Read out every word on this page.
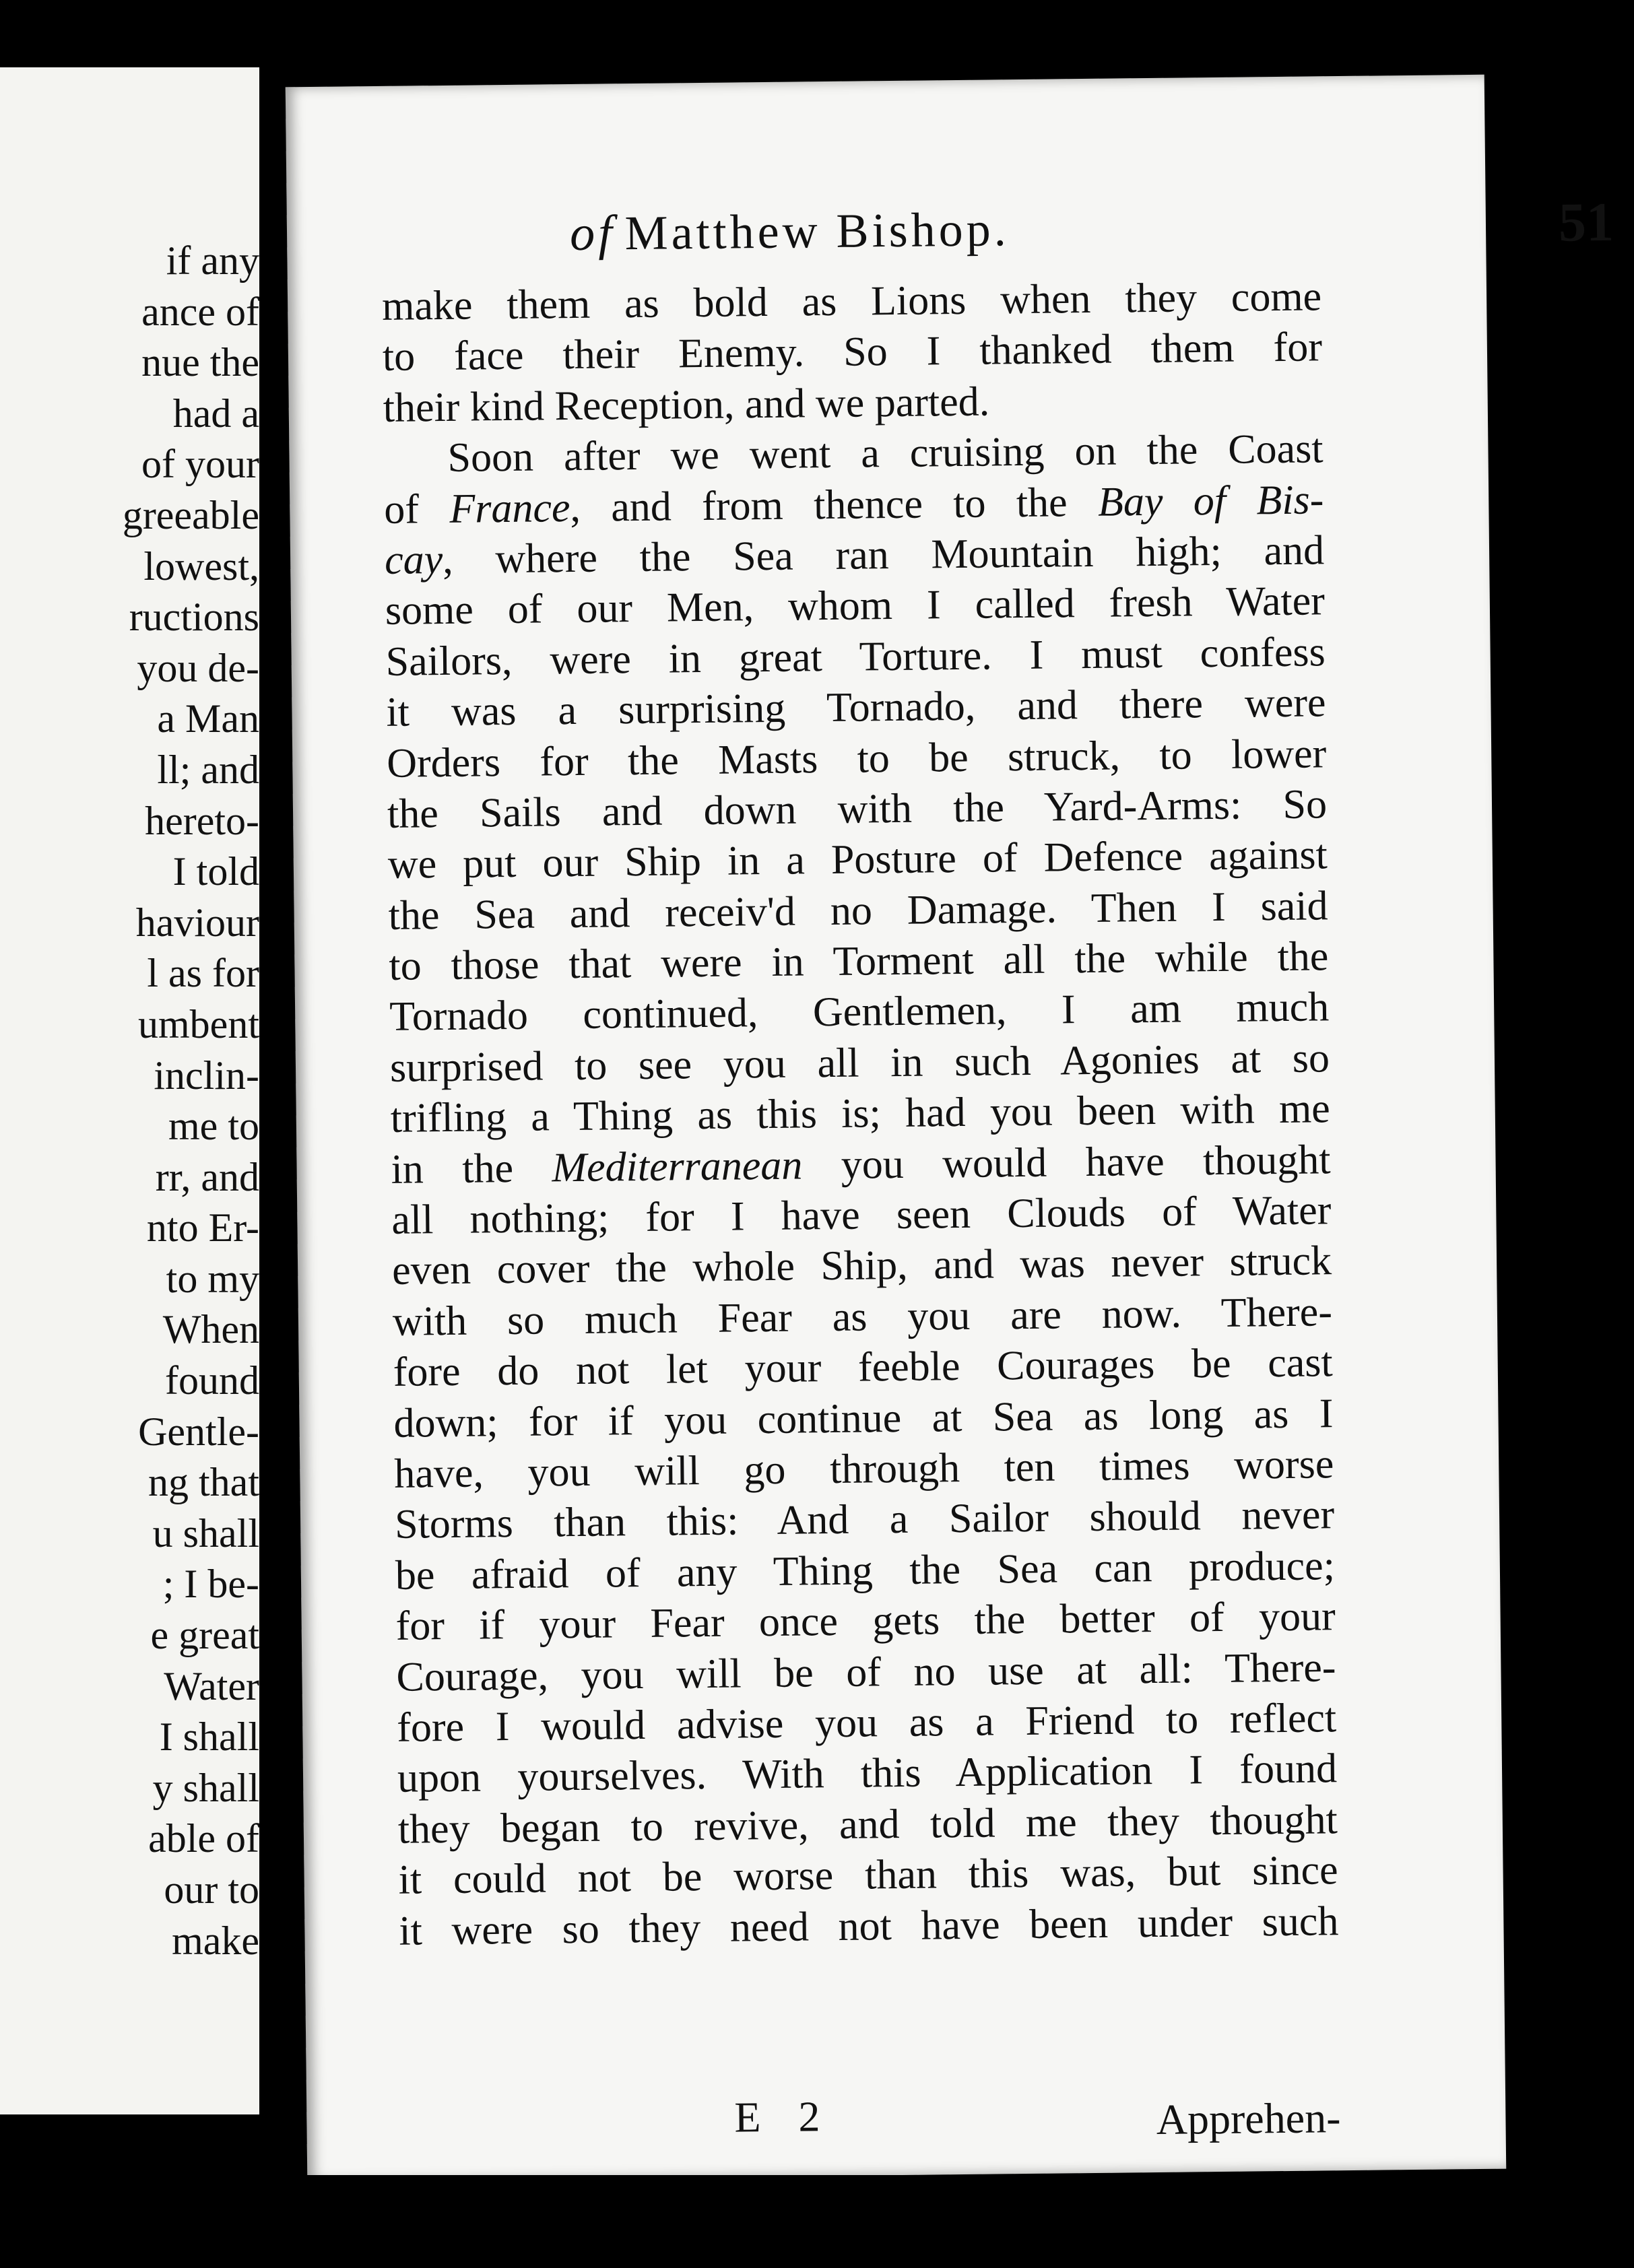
if any
ance of
nue the
had a
of your
greeable
lowest,
ructions
you de-
a Man
ll; and
hereto-
I told
haviour
l as for
umbent
inclin-
me to
rr, and
nto Er-
to my
When
found
Gentle-
ng that
u shall
; I be-
e great
Water
I shall
y shall
able of
our to
make
of Matthew Bishop.	51
make them as bold as Lions when they come
to face their Enemy. So I thanked them for
their kind Reception, and we parted.
Soon after we went a cruising on the Coast
of France, and from thence to the Bay of Bis-
cay, where the Sea ran Mountain high; and
some of our Men, whom I called fresh Water
Sailors, were in great Torture. I must confess
it was a surprising Tornado, and there were
Orders for the Masts to be struck, to lower
the Sails and down with the Yard-Arms: So
we put our Ship in a Posture of Defence against
the Sea and receiv'd no Damage. Then I said
to those that were in Torment all the while the
Tornado continued, Gentlemen, I am much
surprised to see you all in such Agonies at so
trifling a Thing as this is; had you been with me
in the Mediterranean you would have thought
all nothing; for I have seen Clouds of Water
even cover the whole Ship, and was never struck
with so much Fear as you are now. There-
fore do not let your feeble Courages be cast
down; for if you continue at Sea as long as I
have, you will go through ten times worse
Storms than this: And a Sailor should never
be afraid of any Thing the Sea can produce;
for if your Fear once gets the better of your
Courage, you will be of no use at all: There-
fore I would advise you as a Friend to reflect
upon yourselves. With this Application I found
they began to revive, and told me they thought
it could not be worse than this was, but since
it were so they need not have been under such
E 2	Apprehen-
